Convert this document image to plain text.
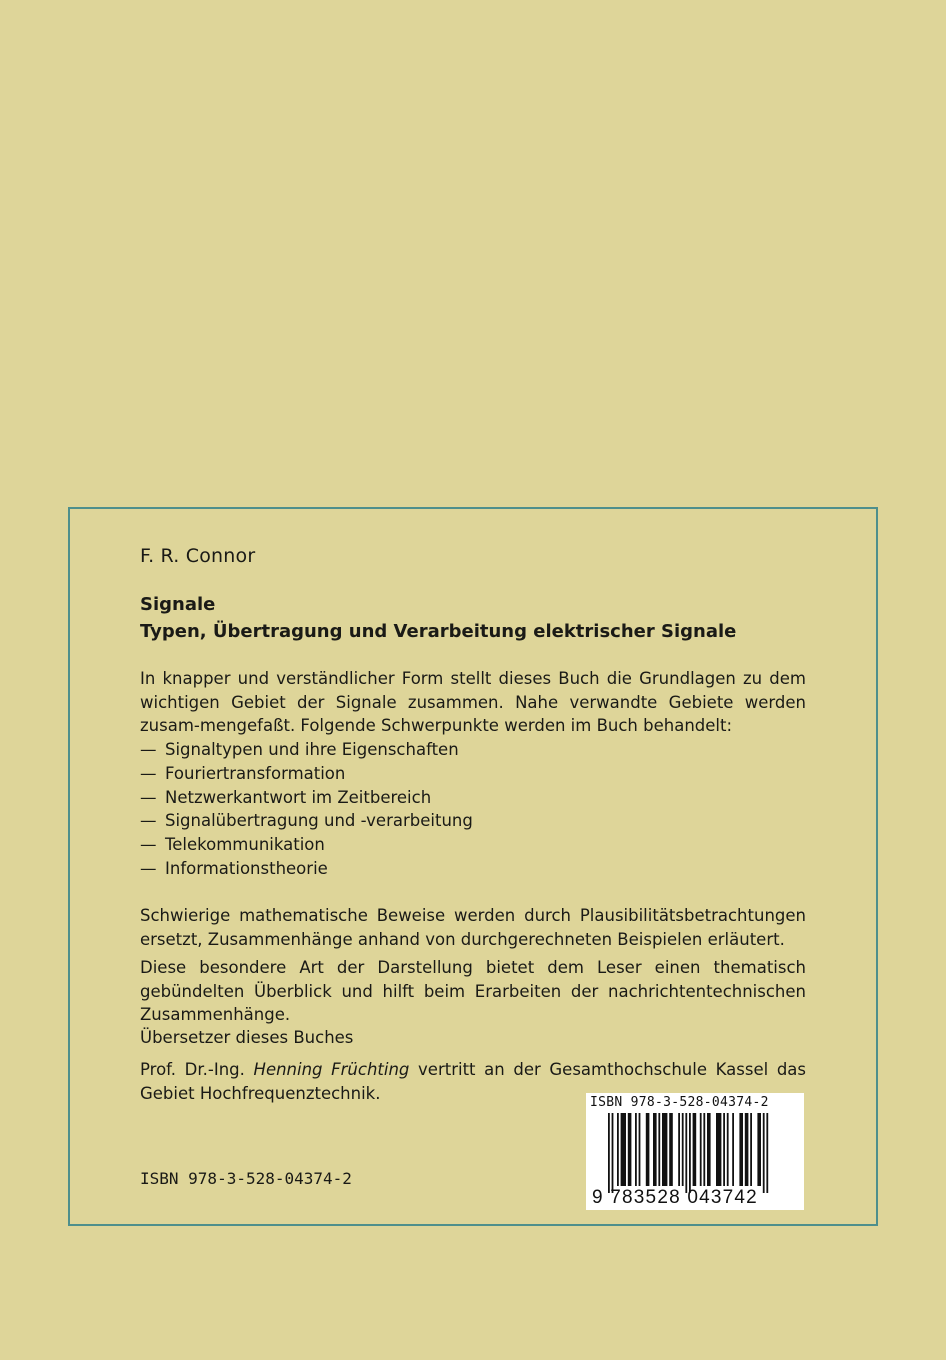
F. R. Connor
Signale
Typen, Übertragung und Verarbeitung elektrischer Signale
In knapper und verständlicher Form stellt dieses Buch die Grundlagen zu dem wichtigen Gebiet der Signale zusammen. Nahe verwandte Gebiete werden zusam-mengefaßt. Folgende Schwerpunkte werden im Buch behandelt:
— Signaltypen und ihre Eigenschaften
— Fouriertransformation
— Netzwerkantwort im Zeitbereich
— Signalübertragung und -verarbeitung
— Telekommunikation
— Informationstheorie
Schwierige mathematische Beweise werden durch Plausibilitätsbetrachtungen ersetzt, Zusammenhänge anhand von durchgerechneten Beispielen erläutert.
Diese besondere Art der Darstellung bietet dem Leser einen thematisch gebündelten Überblick und hilft beim Erarbeiten der nachrichtentechnischen Zusammenhänge.
Übersetzer dieses Buches
Prof. Dr.-Ing. Henning Früchting vertritt an der Gesamthochschule Kassel das Gebiet Hochfrequenztechnik.
ISBN 978-3-528-04374-2
ISBN 978-3-528-04374-2
9 783528 043742
